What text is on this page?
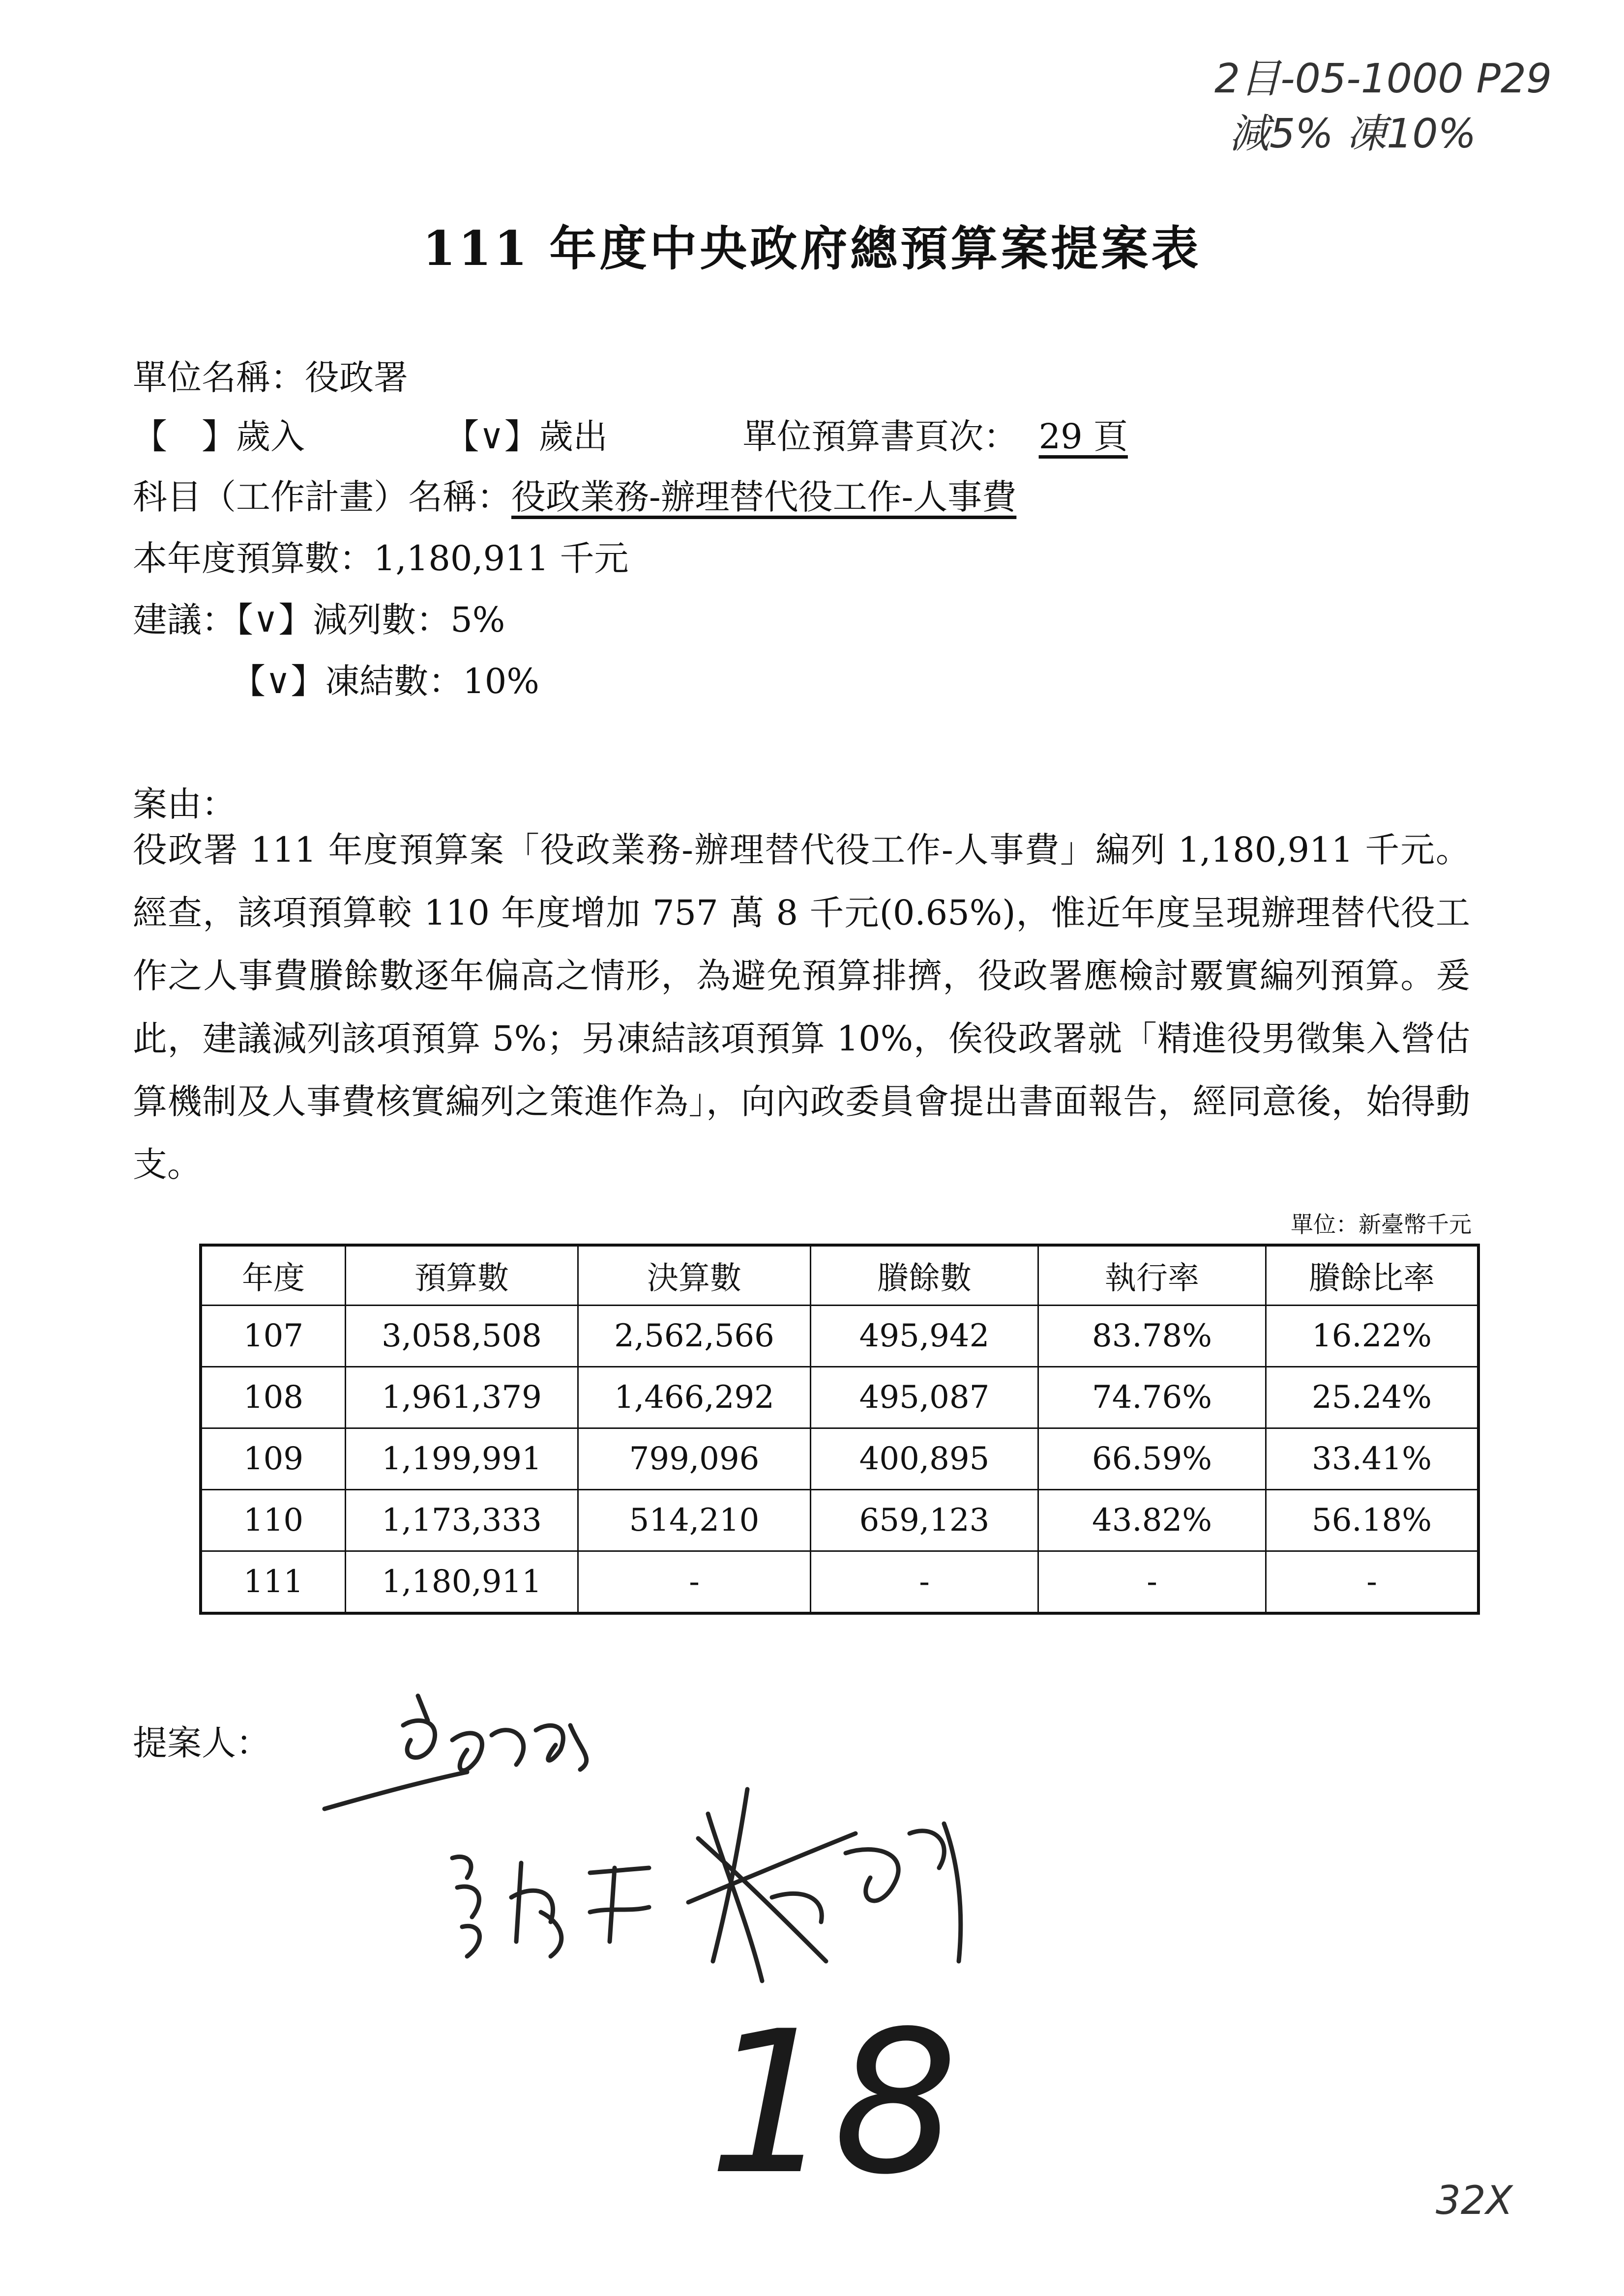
2目-05-1000 P29
減5% 凍10%
111 年度中央政府總預算案提案表
單位名稱：役政署
【　】歲入	【∨】歲出	單位預算書頁次： 29 頁
科目（工作計畫）名稱：役政業務-辦理替代役工作-人事費
本年度預算數：1,180,911 千元
建議：【∨】減列數：5%
【∨】凍結數：10%
案由：
役政署 111 年度預算案「役政業務-辦理替代役工作-人事費」編列 1,180,911 千元。經查，該項預算較 110 年度增加 757 萬 8 千元(0.65%)，惟近年度呈現辦理替代役工作之人事費賸餘數逐年偏高之情形，為避免預算排擠，役政署應檢討覈實編列預算。爰此，建議減列該項預算 5%；另凍結該項預算 10%，俟役政署就「精進役男徵集入營估算機制及人事費核實編列之策進作為」，向內政委員會提出書面報告，經同意後，始得動支。
單位：新臺幣千元
年度	預算數	決算數	賸餘數	執行率	賸餘比率
107	3,058,508	2,562,566	495,942	83.78%	16.22%
108	1,961,379	1,466,292	495,087	74.76%	25.24%
109	1,199,991	799,096	400,895	66.59%	33.41%
110	1,173,333	514,210	659,123	43.82%	56.18%
111	1,180,911	-	-	-	-
提案人：
18	32X
